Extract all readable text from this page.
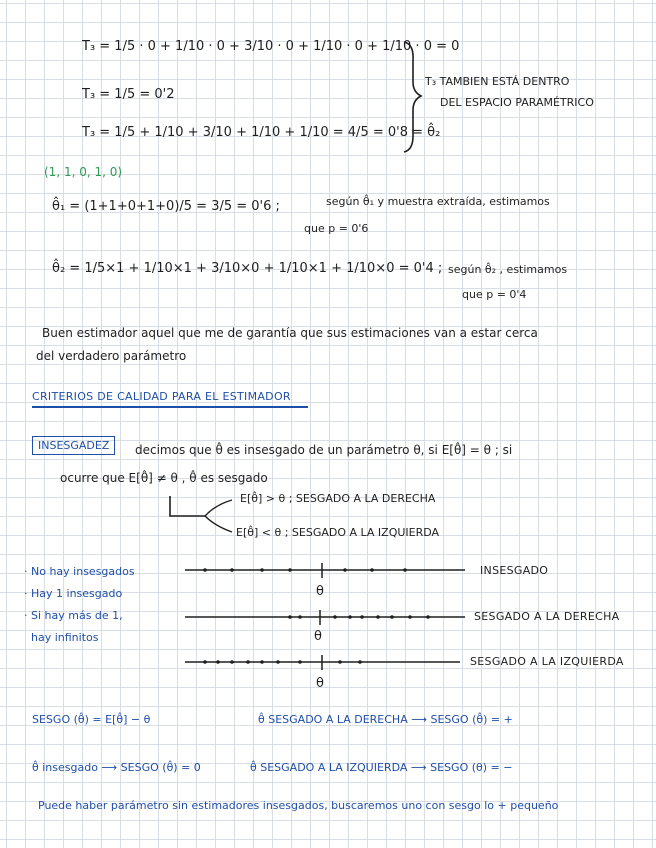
T₃ = 1/5 · 0 + 1/10 · 0 + 3/10 · 0 + 1/10 · 0 + 1/10 · 0 = 0
T₃ = 1/5 = 0'2
T₃ = 1/5 + 1/10 + 3/10 + 1/10 + 1/10 = 4/5 = 0'8 = θ̂₂
T₃ TAMBIEN ESTÁ DENTRO
DEL ESPACIO PARAMÉTRICO
(1, 1, 0, 1, 0)
θ̂₁ = (1+1+0+1+0)/5 = 3/5 = 0'6 ;	según θ̂₁ y muestra extraída, estimamos
que p = 0'6
θ̂₂ = 1/5×1 + 1/10×1 + 3/10×0 + 1/10×1 + 1/10×0 = 0'4 ; según θ̂₂ , estimamos
que p = 0'4
Buen estimador aquel que me de garantía que sus estimaciones van a estar cerca
del verdadero parámetro
CRITERIOS DE CALIDAD PARA EL ESTIMADOR
INSESGADEZ	decimos que θ̂ es insesgado de un parámetro θ, si E[θ̂] = θ ; si
ocurre que E[θ̂] ≠ θ , θ̂ es sesgado
E[θ̂] > θ ; SESGADO A LA DERECHA
E[θ̂] < θ ; SESGADO A LA IZQUIERDA
· No hay insesgados
· Hay 1 insesgado
· Si hay más de 1,
hay infinitos
INSESGADO
θ
SESGADO A LA DERECHA
θ
SESGADO A LA IZQUIERDA
θ
SESGO (θ̂) = E[θ̂] − θ	θ̂ SESGADO A LA DERECHA ⟶ SESGO (θ̂) = +
θ̂ insesgado ⟶ SESGO (θ̂) = 0	θ̂ SESGADO A LA IZQUIERDA ⟶ SESGO (θ) = −
Puede haber parámetro sin estimadores insesgados, buscaremos uno con sesgo lo + pequeño
